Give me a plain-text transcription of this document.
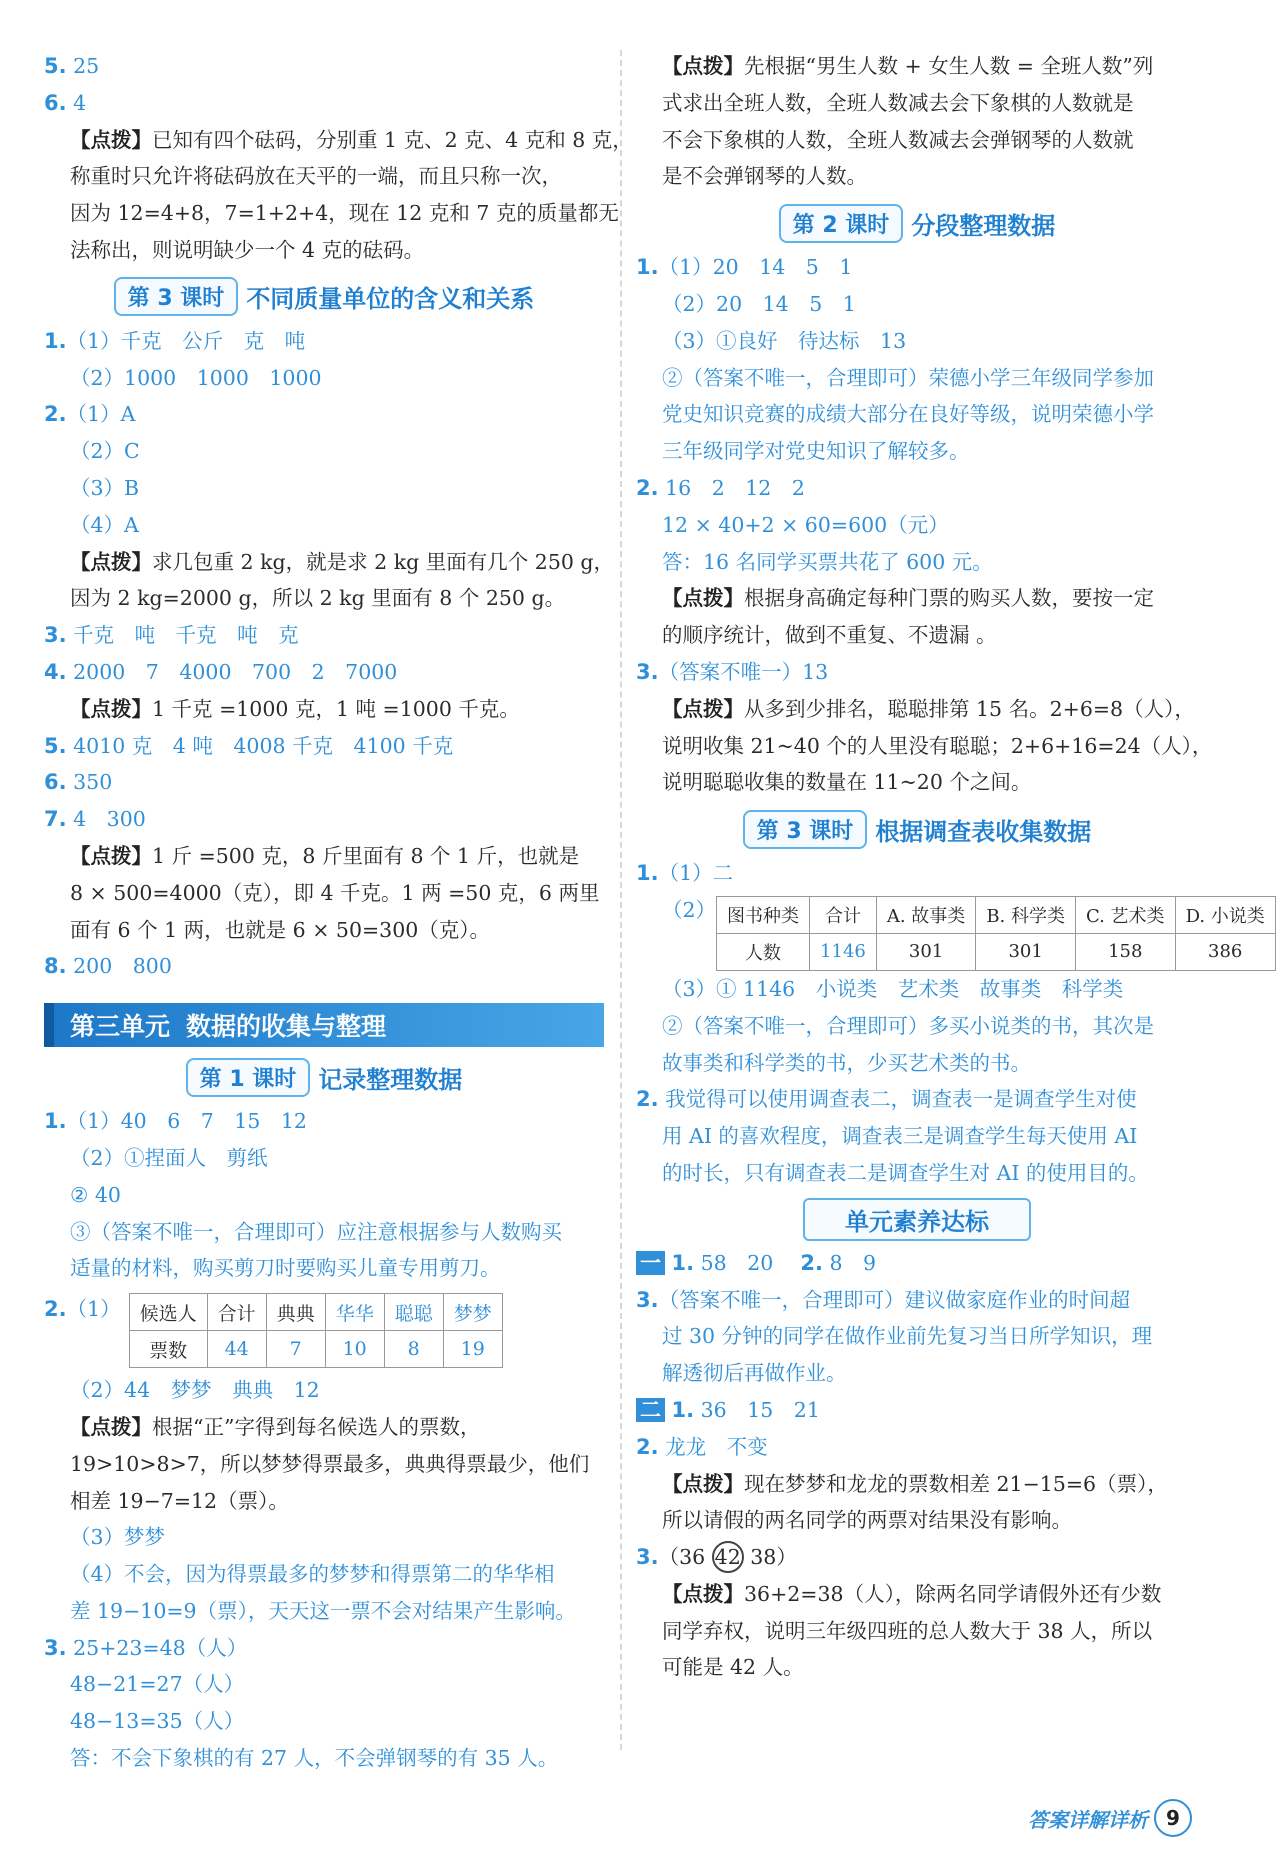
5. 25
6. 4
【点拨】已知有四个砝码，分别重 1 克、2 克、4 克和 8 克，
称重时只允许将砝码放在天平的一端，而且只称一次，
因为 12=4+8，7=1+2+4，现在 12 克和 7 克的质量都无
法称出，则说明缺少一个 4 克的砝码。
第 3 课时 不同质量单位的含义和关系
1.（1）千克　公斤　克　吨
（2）1000　1000　1000
2.（1）A
（2）C
（3）B
（4）A
【点拨】求几包重 2 kg，就是求 2 kg 里面有几个 250 g，
因为 2 kg=2000 g，所以 2 kg 里面有 8 个 250 g。
3. 千克　吨　千克　吨　克
4. 2000　7　4000　700　2　7000
【点拨】1 千克 =1000 克，1 吨 =1000 千克。
5. 4010 克　4 吨　4008 千克　4100 千克
6. 350
7. 4　300
【点拨】1 斤 =500 克，8 斤里面有 8 个 1 斤，也就是
8 × 500=4000（克），即 4 千克。1 两 =50 克，6 两里
面有 6 个 1 两，也就是 6 × 50=300（克）。
8. 200　800
第三单元 数据的收集与整理
第 1 课时 记录整理数据
1.（1）40　6　7　15　12
（2）①捏面人　剪纸
② 40
③（答案不唯一，合理即可）应注意根据参与人数购买
适量的材料，购买剪刀时要购买儿童专用剪刀。
2.（1） 候选人	合计	典典	华华	聪聪	梦梦
票数	44	7	10	8	19
（2）44　梦梦　典典　12
【点拨】根据“正”字得到每名候选人的票数，
19>10>8>7，所以梦梦得票最多，典典得票最少，他们
相差 19−7=12（票）。
（3）梦梦
（4）不会，因为得票最多的梦梦和得票第二的华华相
差 19−10=9（票），天天这一票不会对结果产生影响。
3. 25+23=48（人）
48−21=27（人）
48−13=35（人）
答：不会下象棋的有 27 人，不会弹钢琴的有 35 人。
【点拨】先根据“男生人数 + 女生人数 = 全班人数”列
式求出全班人数，全班人数减去会下象棋的人数就是
不会下象棋的人数，全班人数减去会弹钢琴的人数就
是不会弹钢琴的人数。
第 2 课时 分段整理数据
1.（1）20　14　5　1
（2）20　14　5　1
（3）①良好　待达标　13
②（答案不唯一，合理即可）荣德小学三年级同学参加
党史知识竞赛的成绩大部分在良好等级，说明荣德小学
三年级同学对党史知识了解较多。
2. 16　2　12　2
12 × 40+2 × 60=600（元）
答：16 名同学买票共花了 600 元。
【点拨】根据身高确定每种门票的购买人数，要按一定
的顺序统计，做到不重复、不遗漏 。
3.（答案不唯一）13
【点拨】从多到少排名，聪聪排第 15 名。2+6=8（人），
说明收集 21~40 个的人里没有聪聪；2+6+16=24（人），
说明聪聪收集的数量在 11~20 个之间。
第 3 课时 根据调查表收集数据
1.（1）二
（2） 图书种类	合计	A. 故事类	B. 科学类	C. 艺术类	D. 小说类
人数	1146	301	301	158	386
（3）① 1146　小说类　艺术类　故事类　科学类
②（答案不唯一，合理即可）多买小说类的书，其次是
故事类和科学类的书，少买艺术类的书。
2. 我觉得可以使用调查表二，调查表一是调查学生对使
用 AI 的喜欢程度，调查表三是调查学生每天使用 AI
的时长，只有调查表二是调查学生对 AI 的使用目的。
单元素养达标
一 1. 58　20　 2. 8　9
3.（答案不唯一，合理即可）建议做家庭作业的时间超
过 30 分钟的同学在做作业前先复习当日所学知识，理
解透彻后再做作业。
二 1. 36　15　21
2. 龙龙　不变
【点拨】现在梦梦和龙龙的票数相差 21−15=6（票），
所以请假的两名同学的两票对结果没有影响。
3.（36 42 38）
【点拨】36+2=38（人），除两名同学请假外还有少数
同学弃权，说明三年级四班的总人数大于 38 人，所以
可能是 42 人。
答案详解详析 9
